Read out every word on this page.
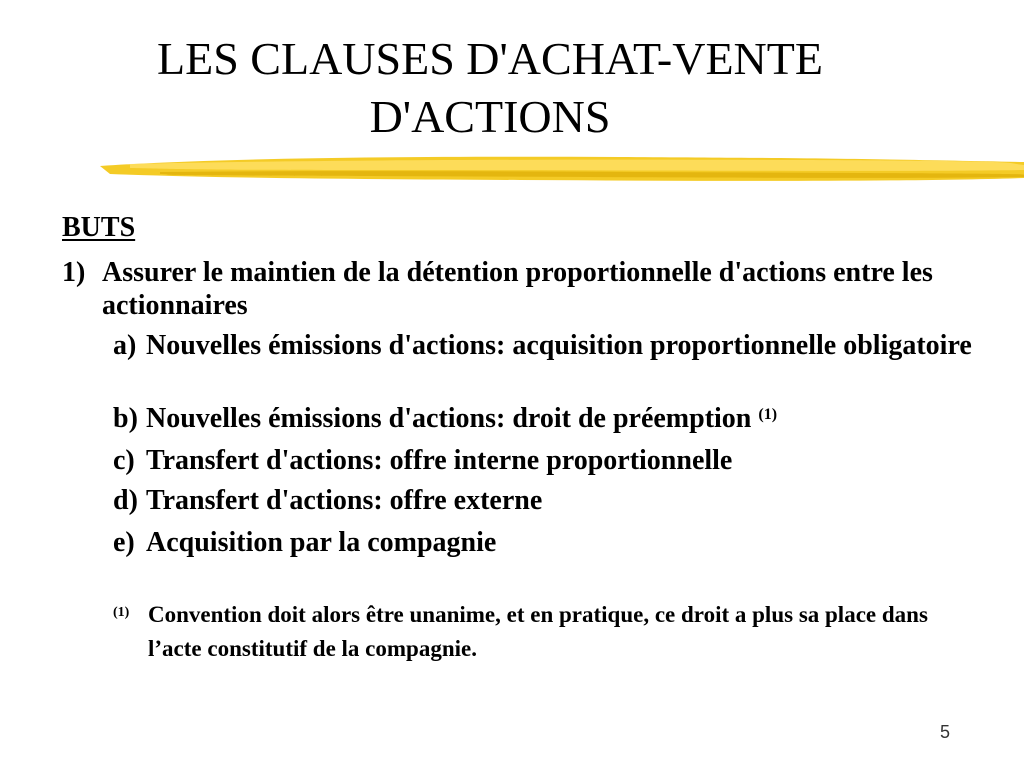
LES CLAUSES D'ACHAT-VENTE
D'ACTIONS
BUTS
1) Assurer le maintien de la détention proportionnelle d'actions entre les actionnaires
a) Nouvelles émissions d'actions: acquisition proportionnelle obligatoire
b) Nouvelles émissions d'actions: droit de préemption $^{(1)}$
c) Transfert d'actions: offre interne proportionnelle
d) Transfert d'actions: offre externe
e) Acquisition par la compagnie
(1) Convention doit alors être unanime, et en pratique, ce droit a plus sa place dans l’acte constitutif de la compagnie.
5
